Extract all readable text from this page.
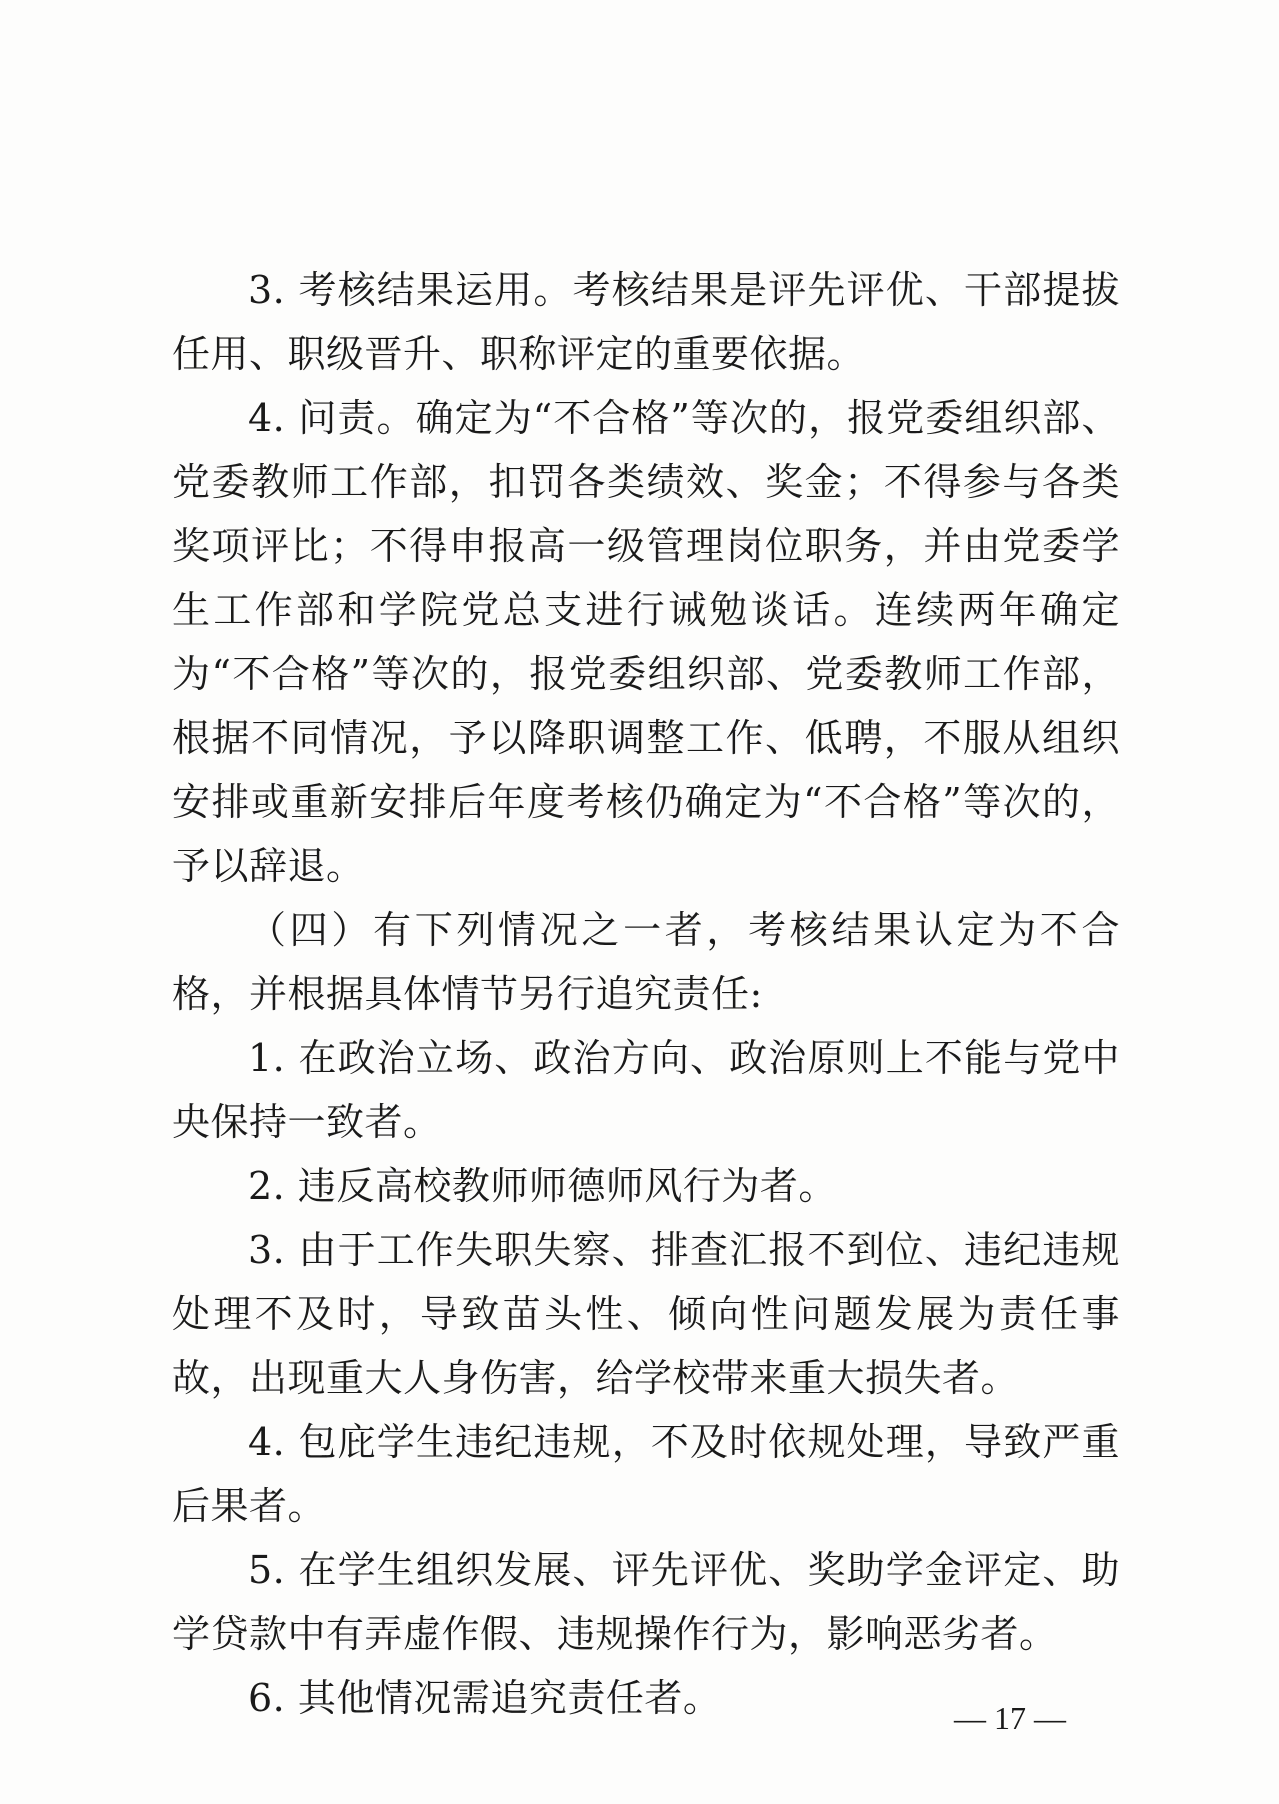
3. 考核结果运用。考核结果是评先评优、干部提拔任用、职级晋升、职称评定的重要依据。

4. 问责。确定为“不合格”等次的，报党委组织部、党委教师工作部，扣罚各类绩效、奖金；不得参与各类奖项评比；不得申报高一级管理岗位职务，并由党委学生工作部和学院党总支进行诫勉谈话。连续两年确定为“不合格”等次的，报党委组织部、党委教师工作部，根据不同情况，予以降职调整工作、低聘，不服从组织安排或重新安排后年度考核仍确定为“不合格”等次的，予以辞退。

（四）有下列情况之一者，考核结果认定为不合格，并根据具体情节另行追究责任:

1. 在政治立场、政治方向、政治原则上不能与党中央保持一致者。

2. 违反高校教师师德师风行为者。

3. 由于工作失职失察、排查汇报不到位、违纪违规处理不及时，导致苗头性、倾向性问题发展为责任事故，出现重大人身伤害，给学校带来重大损失者。

4. 包庇学生违纪违规，不及时依规处理，导致严重后果者。

5. 在学生组织发展、评先评优、奖助学金评定、助学贷款中有弄虚作假、违规操作行为，影响恶劣者。

6. 其他情况需追究责任者。	— 17 —
